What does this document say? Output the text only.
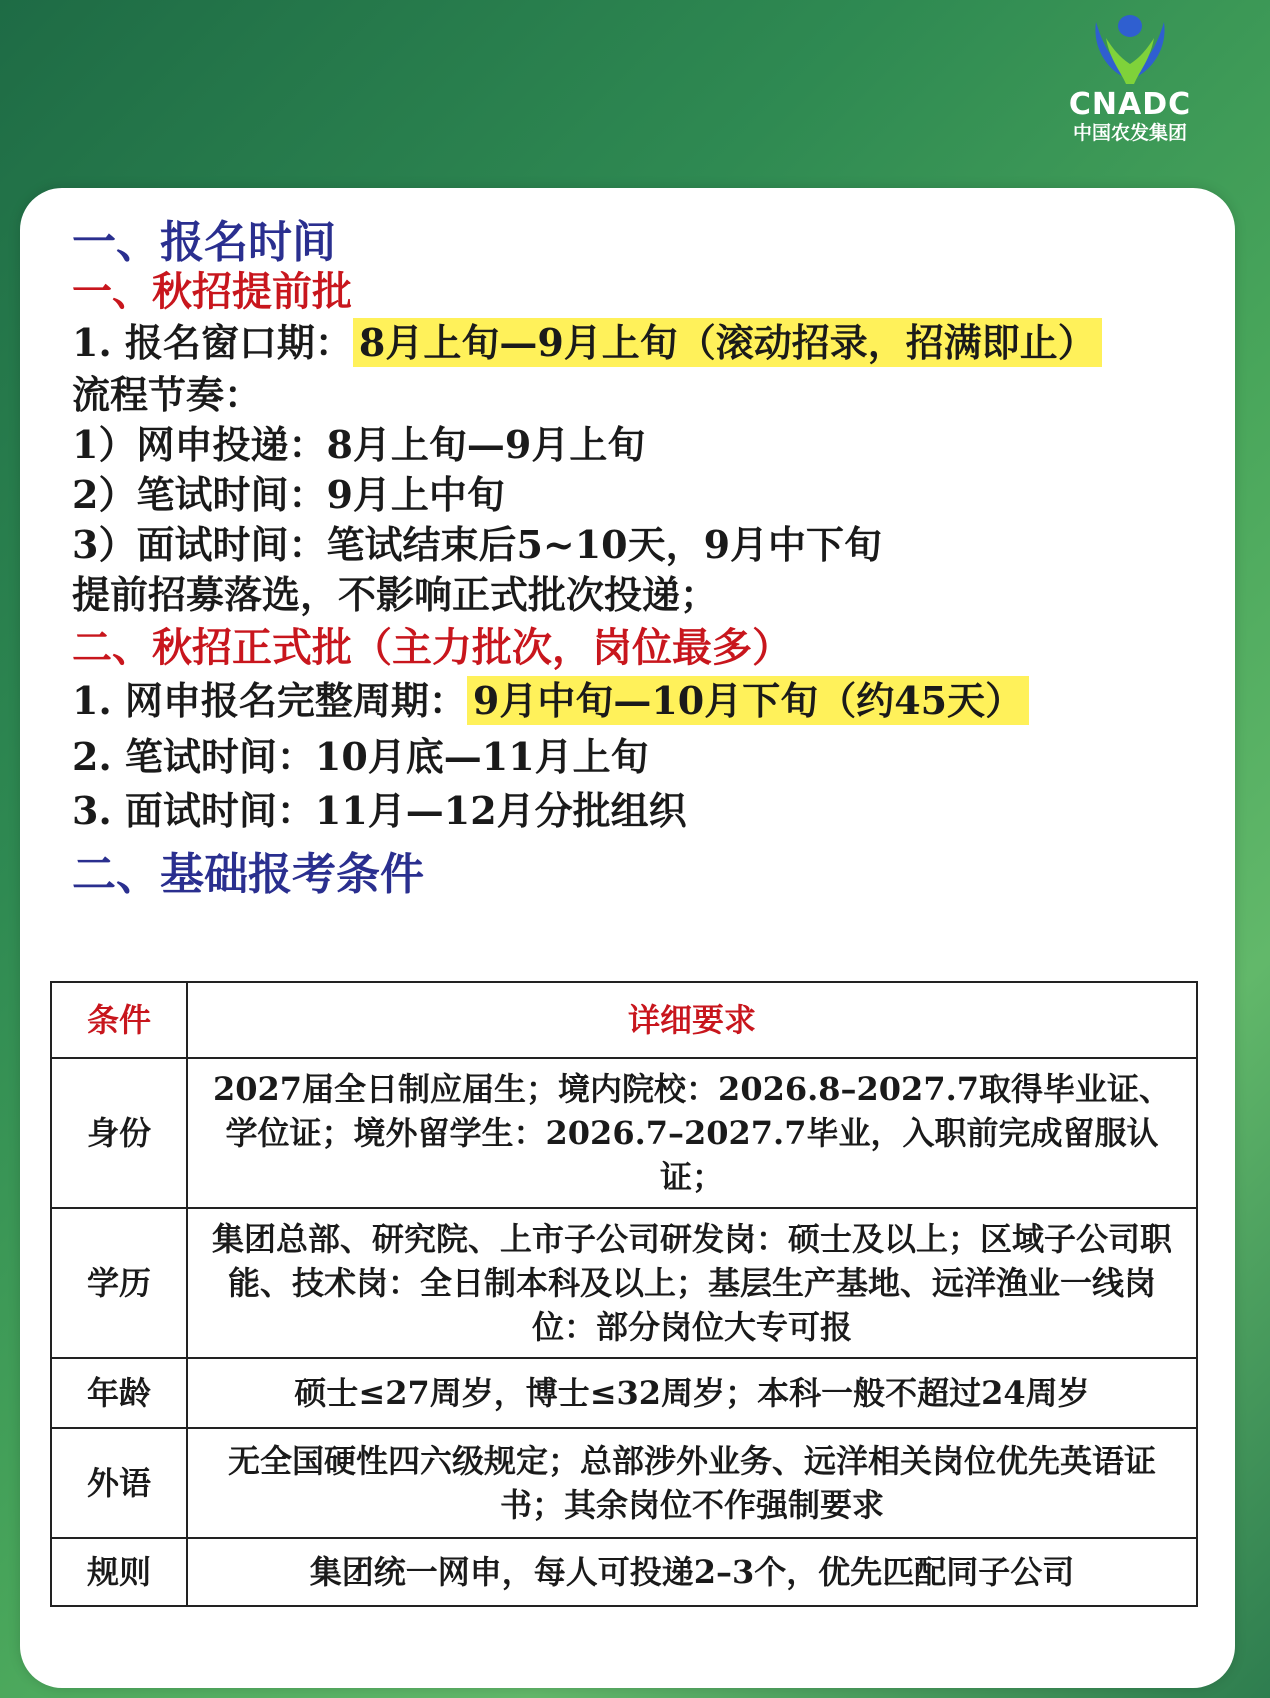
CNADC
中国农发集团
一、报名时间
一、秋招提前批
1. 报名窗口期： 8月上旬—9月上旬（滚动招录，招满即止）
流程节奏：
1）网申投递：8月上旬—9月上旬
2）笔试时间：9月上中旬
3）面试时间：笔试结束后5~10天，9月中下旬
提前招募落选，不影响正式批次投递；
二、秋招正式批（主力批次，岗位最多）
1. 网申报名完整周期： 9月中旬—10月下旬（约45天）
2. 笔试时间：10月底—11月上旬
3. 面试时间：11月—12月分批组织
二、基础报考条件
条件	详细要求
身份	2027届全日制应届生；境内院校：2026.8–2027.7取得毕业证、学位证；境外留学生：2026.7–2027.7毕业，入职前完成留服认证；
学历	集团总部、研究院、上市子公司研发岗：硕士及以上；区域子公司职能、技术岗：全日制本科及以上；基层生产基地、远洋渔业一线岗位：部分岗位大专可报
年龄	硕士≤27周岁，博士≤32周岁；本科一般不超过24周岁
外语	无全国硬性四六级规定；总部涉外业务、远洋相关岗位优先英语证书；其余岗位不作强制要求
规则	集团统一网申，每人可投递2–3个，优先匹配同子公司
